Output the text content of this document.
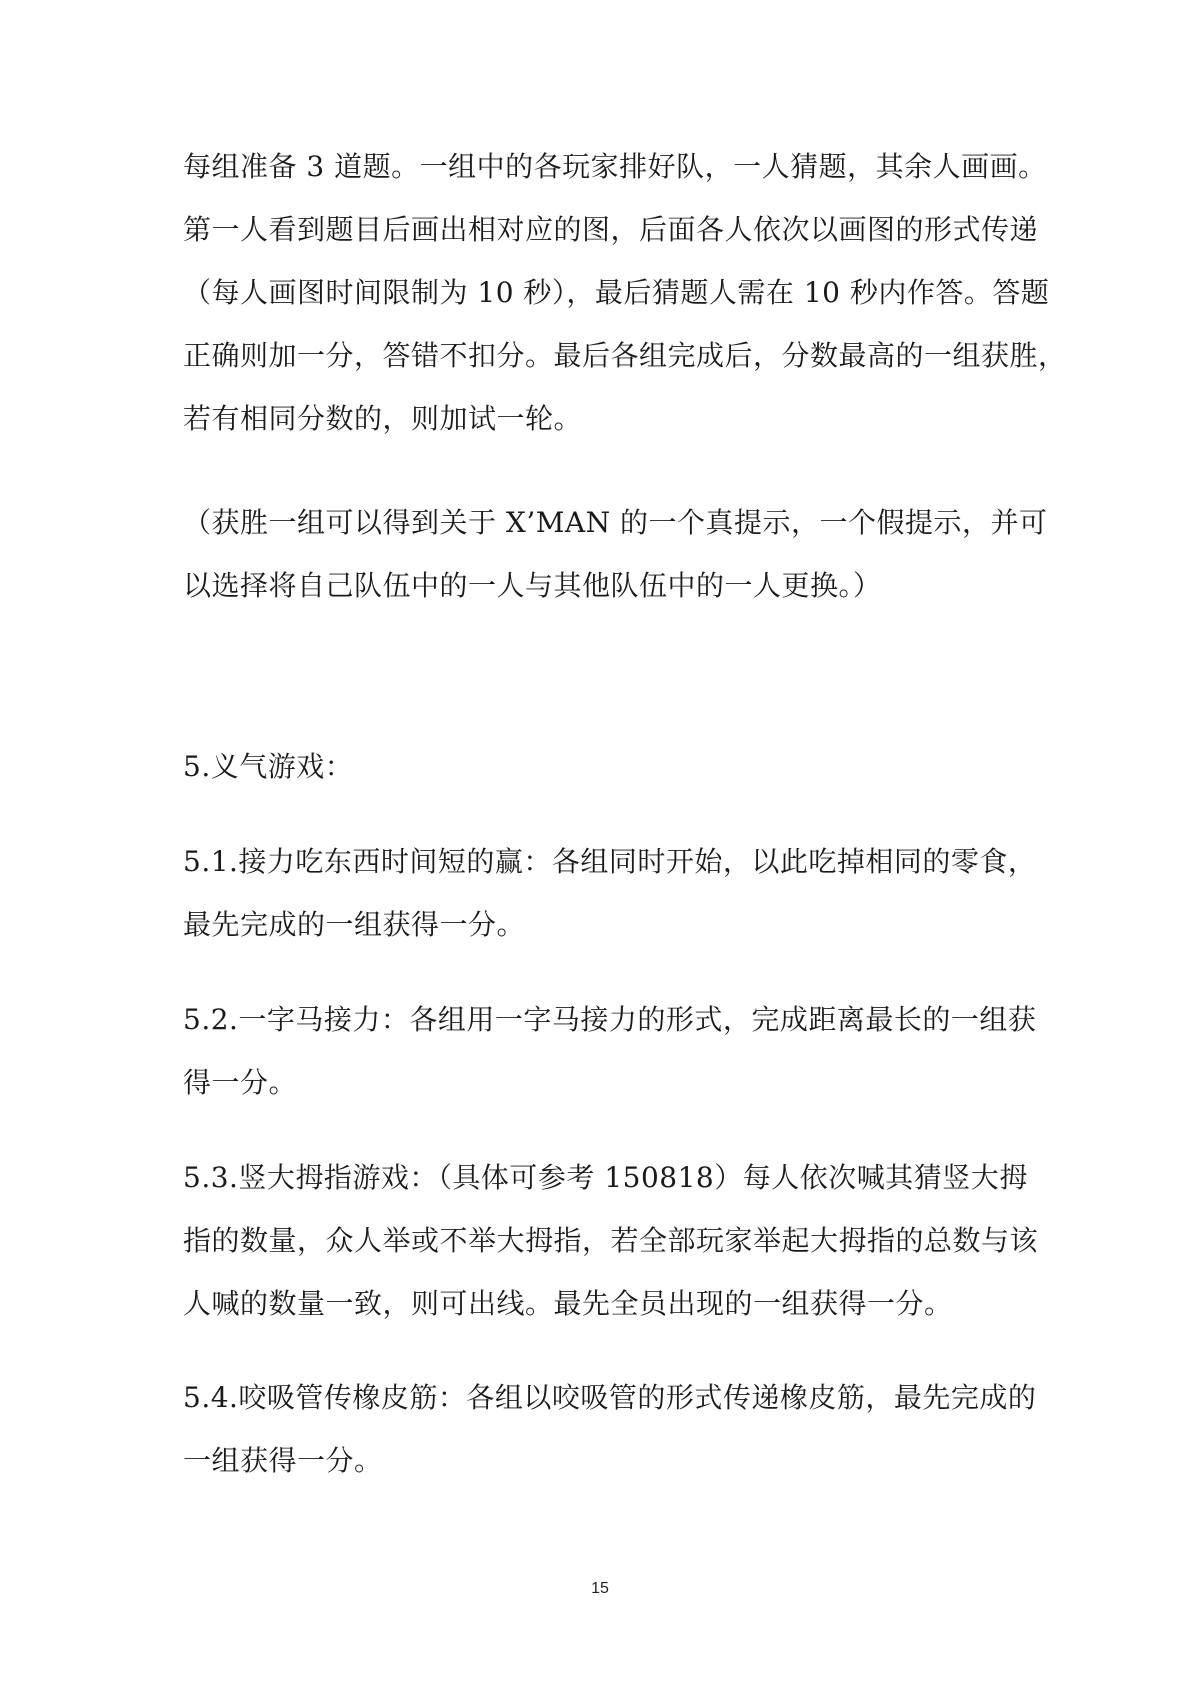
每组准备 3 道题。一组中的各玩家排好队，一人猜题，其余人画画。
第一人看到题目后画出相对应的图，后面各人依次以画图的形式传递
（每人画图时间限制为 10 秒），最后猜题人需在 10 秒内作答。答题
正确则加一分，答错不扣分。最后各组完成后，分数最高的一组获胜，
若有相同分数的，则加试一轮。
（获胜一组可以得到关于 X’MAN 的一个真提示，一个假提示，并可
以选择将自己队伍中的一人与其他队伍中的一人更换。）
5.义气游戏：
5.1.接力吃东西时间短的赢：各组同时开始，以此吃掉相同的零食，
最先完成的一组获得一分。
5.2.一字马接力：各组用一字马接力的形式，完成距离最长的一组获
得一分。
5.3.竖大拇指游戏：（具体可参考 150818）每人依次喊其猜竖大拇
指的数量，众人举或不举大拇指，若全部玩家举起大拇指的总数与该
人喊的数量一致，则可出线。最先全员出现的一组获得一分。
5.4.咬吸管传橡皮筋：各组以咬吸管的形式传递橡皮筋，最先完成的
一组获得一分。
15
